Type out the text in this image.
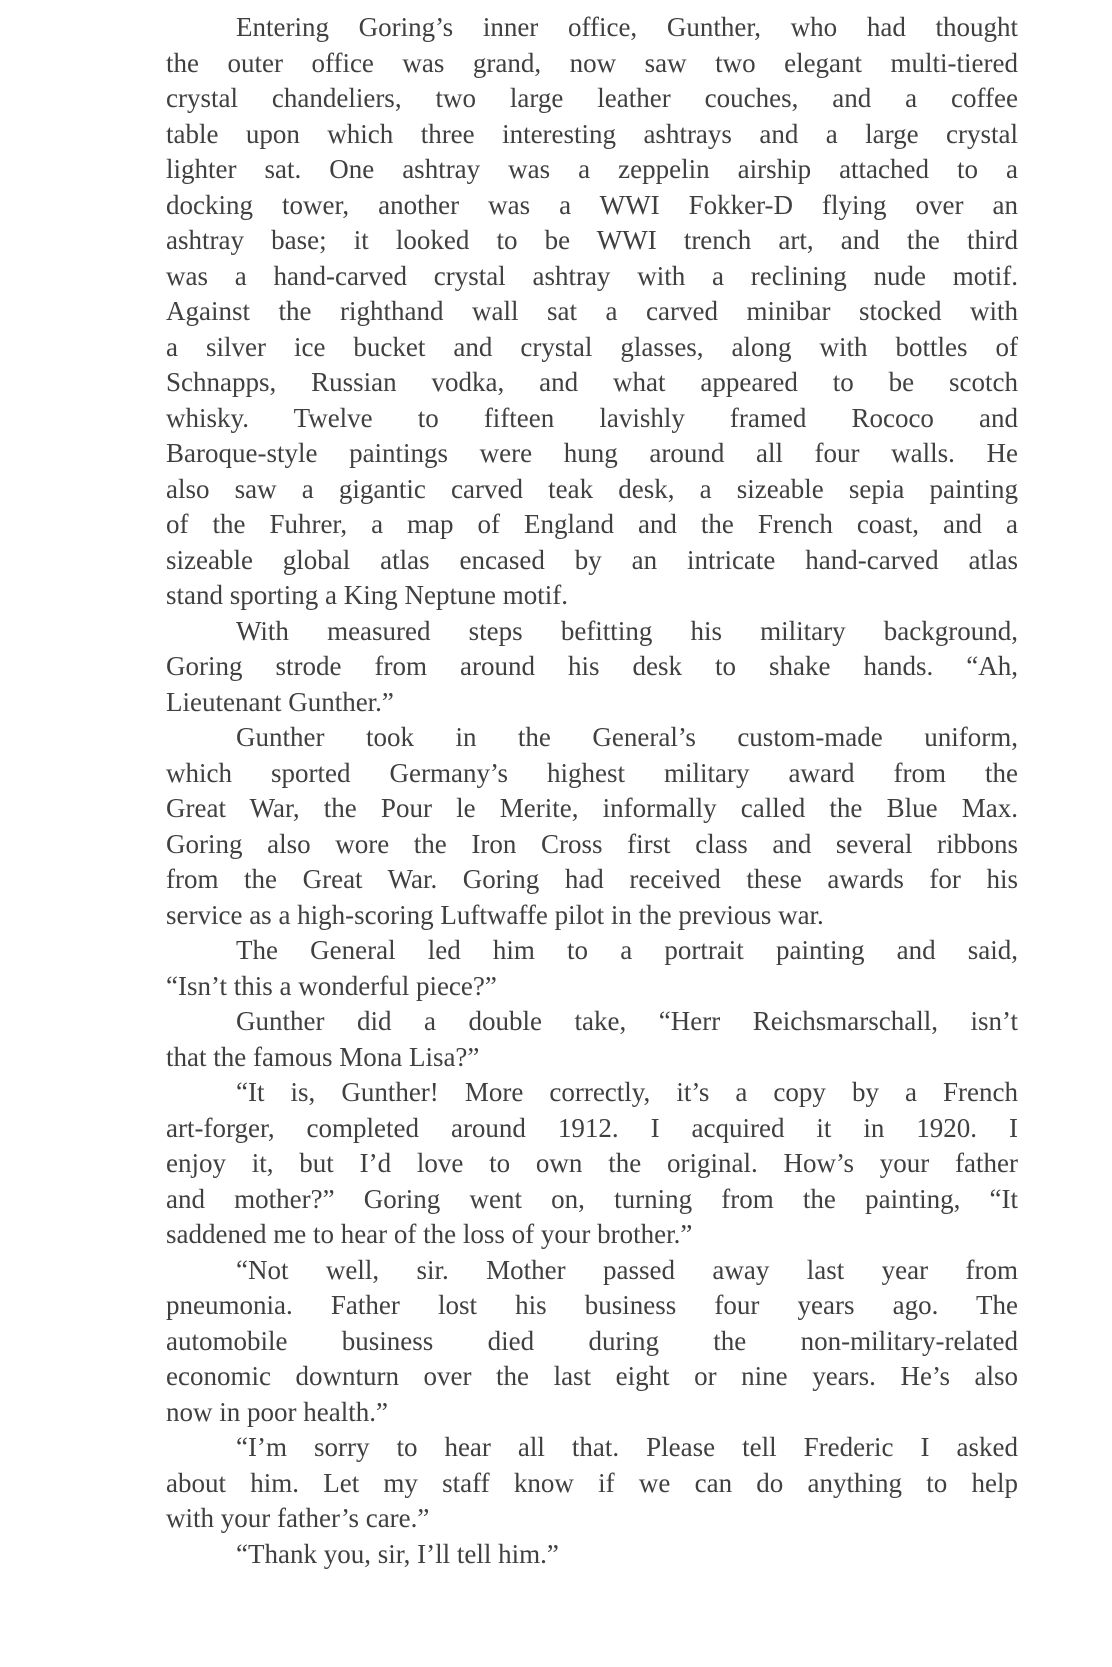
Entering Goring’s inner office, Gunther, who had thought
the outer office was grand, now saw two elegant multi-tiered
crystal chandeliers, two large leather couches, and a coffee
table upon which three interesting ashtrays and a large crystal
lighter sat. One ashtray was a zeppelin airship attached to a
docking tower, another was a WWI Fokker-D flying over an
ashtray base; it looked to be WWI trench art, and the third
was a hand-carved crystal ashtray with a reclining nude motif.
Against the righthand wall sat a carved minibar stocked with
a silver ice bucket and crystal glasses, along with bottles of
Schnapps, Russian vodka, and what appeared to be scotch
whisky. Twelve to fifteen lavishly framed Rococo and
Baroque-style paintings were hung around all four walls. He
also saw a gigantic carved teak desk, a sizeable sepia painting
of the Fuhrer, a map of England and the French coast, and a
sizeable global atlas encased by an intricate hand-carved atlas
stand sporting a King Neptune motif.
With measured steps befitting his military background,
Goring strode from around his desk to shake hands. “Ah,
Lieutenant Gunther.”
Gunther took in the General’s custom-made uniform,
which sported Germany’s highest military award from the
Great War, the Pour le Merite, informally called the Blue Max.
Goring also wore the Iron Cross first class and several ribbons
from the Great War. Goring had received these awards for his
service as a high-scoring Luftwaffe pilot in the previous war.
The General led him to a portrait painting and said,
“Isn’t this a wonderful piece?”
Gunther did a double take, “Herr Reichsmarschall, isn’t
that the famous Mona Lisa?”
“It is, Gunther! More correctly, it’s a copy by a French
art-forger, completed around 1912. I acquired it in 1920. I
enjoy it, but I’d love to own the original. How’s your father
and mother?” Goring went on, turning from the painting, “It
saddened me to hear of the loss of your brother.”
“Not well, sir. Mother passed away last year from
pneumonia. Father lost his business four years ago. The
automobile business died during the non-military-related
economic downturn over the last eight or nine years. He’s also
now in poor health.”
“I’m sorry to hear all that. Please tell Frederic I asked
about him. Let my staff know if we can do anything to help
with your father’s care.”
“Thank you, sir, I’ll tell him.”
